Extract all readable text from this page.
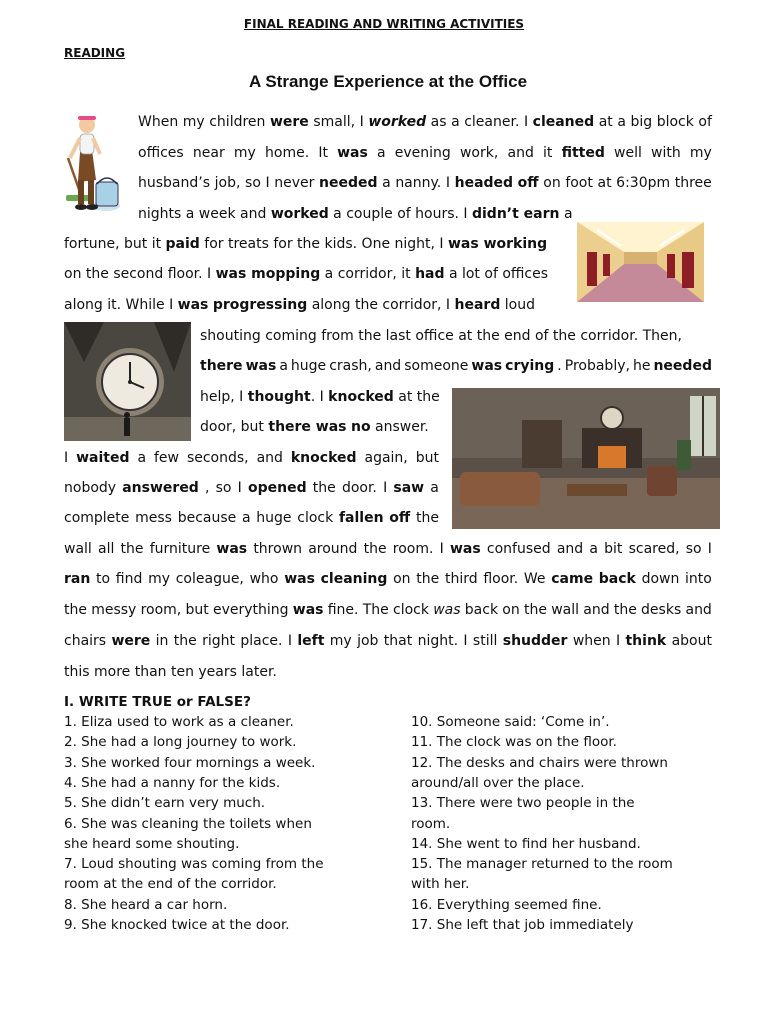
FINAL READING AND WRITING ACTIVITIES
READING
A Strange Experience at the Office
When my children were small, I worked as a cleaner. I cleaned at a big block of
offices near my home. It was a evening work, and it fitted well with my
husband’s job, so I never needed a nanny. I headed off on foot at 6:30pm three
nights a week and worked a couple of hours. I didn’t earn a
fortune, but it paid for treats for the kids. One night, I was working
on the second floor. I was mopping a corridor, it had a lot of offices
along it. While I was progressing along the corridor, I heard loud
shouting coming from the last office at the end of the corridor. Then,
there was a huge crash, and someone was crying . Probably, he needed
help, I thought. I knocked at the
door, but there was no answer.
I waited a few seconds, and knocked again, but
nobody answered , so I opened the door. I saw a
complete mess because a huge clock fallen off the
wall all the furniture was thrown around the room. I was confused and a bit scared, so I
ran to find my coleague, who was cleaning on the third floor. We came back down into
the messy room, but everything was fine. The clock was back on the wall and the desks and
chairs were in the right place. I left my job that night. I still shudder when I think about
this more than ten years later.
I. WRITE TRUE or FALSE?
1. Eliza used to work as a cleaner.
2. She had a long journey to work.
3. She worked four mornings a week.
4. She had a nanny for the kids.
5. She didn’t earn very much.
6. She was cleaning the toilets when
she heard some shouting.
7. Loud shouting was coming from the
room at the end of the corridor.
8. She heard a car horn.
9. She knocked twice at the door.
10. Someone said: ‘Come in’.
11. The clock was on the floor.
12. The desks and chairs were thrown
around/all over the place.
13. There were two people in the
room.
14. She went to find her husband.
15. The manager returned to the room
with her.
16. Everything seemed fine.
17. She left that job immediately
